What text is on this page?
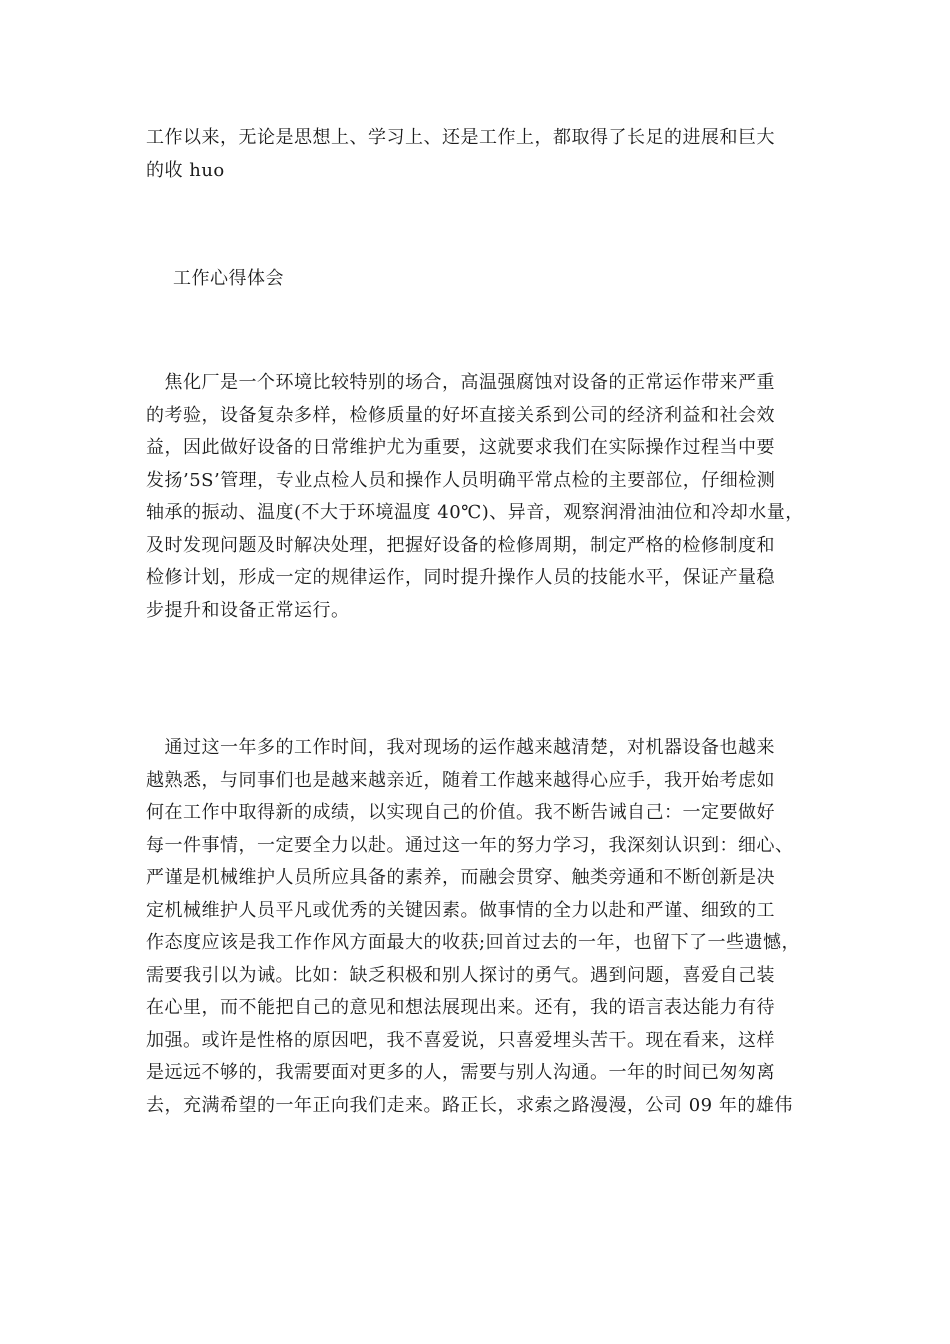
工作以来，无论是思想上、学习上、还是工作上，都取得了长足的进展和巨大
的收 huo

工作心得体会

　焦化厂是一个环境比较特别的场合，高温强腐蚀对设备的正常运作带来严重
的考验，设备复杂多样，检修质量的好坏直接关系到公司的经济利益和社会效
益，因此做好设备的日常维护尤为重要，这就要求我们在实际操作过程当中要
发扬’5S’管理，专业点检人员和操作人员明确平常点检的主要部位，仔细检测
轴承的振动、温度(不大于环境温度 40℃)、异音，观察润滑油油位和冷却水量，
及时发现问题及时解决处理，把握好设备的检修周期，制定严格的检修制度和
检修计划，形成一定的规律运作，同时提升操作人员的技能水平，保证产量稳
步提升和设备正常运行。

　通过这一年多的工作时间，我对现场的运作越来越清楚，对机器设备也越来
越熟悉，与同事们也是越来越亲近，随着工作越来越得心应手，我开始考虑如
何在工作中取得新的成绩，以实现自己的价值。我不断告诫自己：一定要做好
每一件事情，一定要全力以赴。通过这一年的努力学习，我深刻认识到：细心、
严谨是机械维护人员所应具备的素养，而融会贯穿、触类旁通和不断创新是决
定机械维护人员平凡或优秀的关键因素。做事情的全力以赴和严谨、细致的工
作态度应该是我工作作风方面最大的收获;回首过去的一年，也留下了一些遗憾，
需要我引以为诫。比如：缺乏积极和别人探讨的勇气。遇到问题，喜爱自己装
在心里，而不能把自己的意见和想法展现出来。还有，我的语言表达能力有待
加强。或许是性格的原因吧，我不喜爱说，只喜爱埋头苦干。现在看来，这样
是远远不够的，我需要面对更多的人，需要与别人沟通。一年的时间已匆匆离
去，充满希望的一年正向我们走来。路正长，求索之路漫漫，公司 09 年的雄伟
